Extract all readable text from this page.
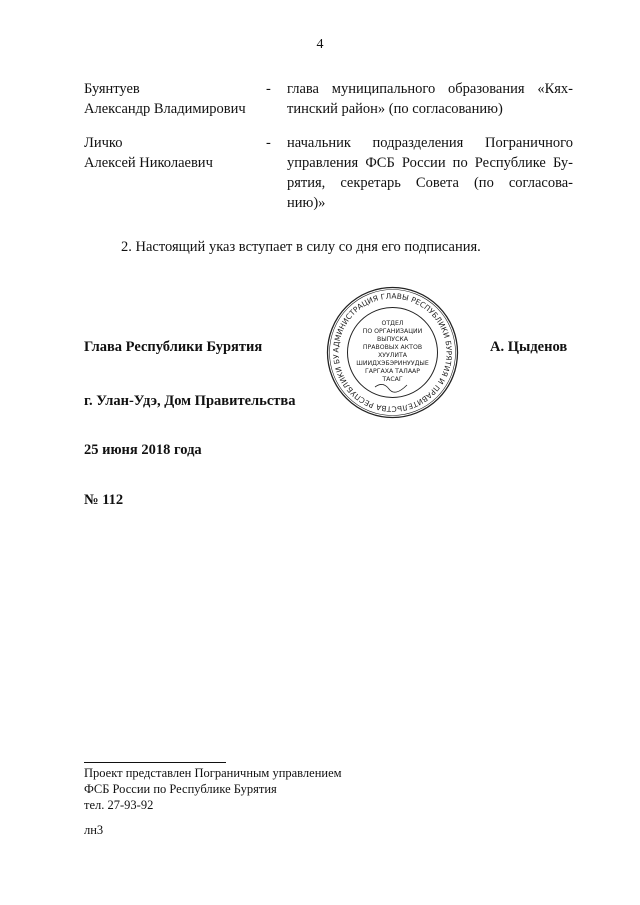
4
Буянтуев
Александр Владимирович
-	глава муниципального образования «Кях-
тинский район» (по согласованию)
Личко
Алексей Николаевич
-	начальник подразделения Пограничного
управления ФСБ России по Республике Бу-
рятия, секретарь Совета (по согласова-
нию)»
2. Настоящий указ вступает в силу со дня его подписания.
АДМИНИСТРАЦИЯ ГЛАВЫ РЕСПУБЛИКИ БУРЯТИЯ И ПРАВИТЕЛЬСТВА РЕСПУБЛИКИ БУ
ОТДЕЛ
ПО ОРГАНИЗАЦИИ
ВЫПУСКА
ПРАВОВЫХ АКТОВ
ХУУЛИТА
ШИИДХЭБЭРИНУУДЫЕ
ГАРГАХА ТАЛААР
ТАСАГ
Глава Республики Бурятия	А. Цыденов
г. Улан-Удэ, Дом Правительства
25 июня 2018 года
№ 112
Проект представлен Пограничным управлением
ФСБ России по Республике Бурятия
тел. 27-93-92
лн3
